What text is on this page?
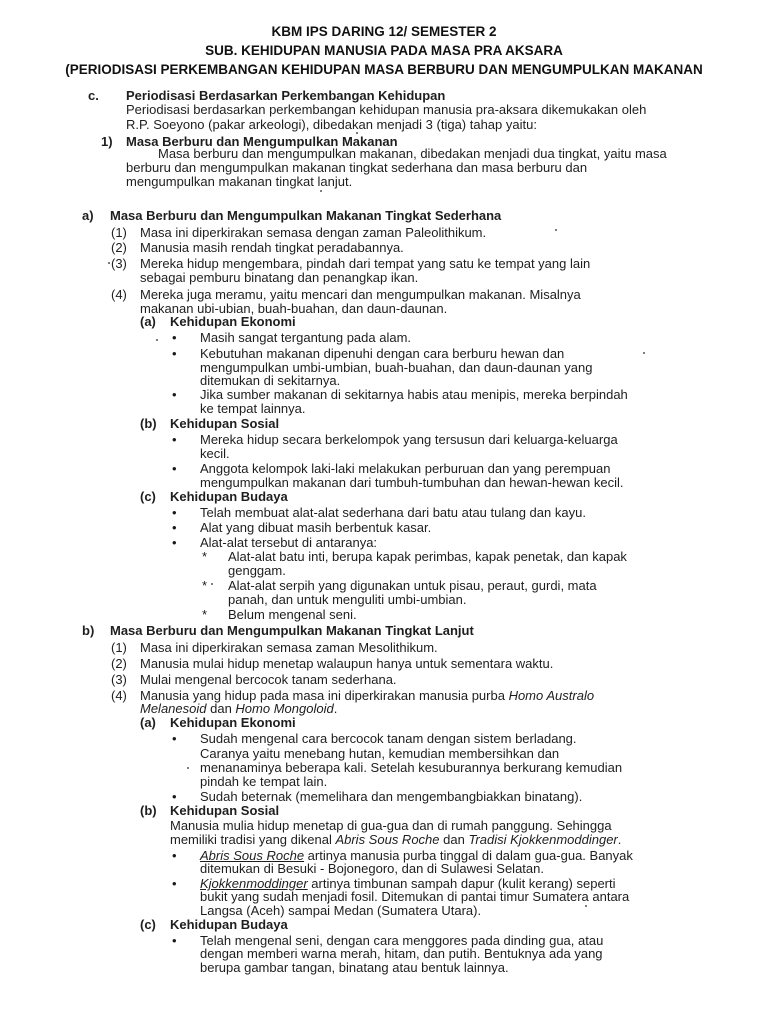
KBM IPS DARING 12/ SEMESTER 2
SUB. KEHIDUPAN MANUSIA PADA MASA PRA AKSARA
(PERIODISASI PERKEMBANGAN KEHIDUPAN MASA BERBURU DAN MENGUMPULKAN MAKANAN
c. Periodisasi Berdasarkan Perkembangan Kehidupan
Periodisasi berdasarkan perkembangan kehidupan manusia pra-aksara dikemukakan oleh
R.P. Soeyono (pakar arkeologi), dibedakan menjadi 3 (tiga) tahap yaitu:
1) Masa Berburu dan Mengumpulkan Makanan
Masa berburu dan mengumpulkan makanan, dibedakan menjadi dua tingkat, yaitu masa
berburu dan mengumpulkan makanan tingkat sederhana dan masa berburu dan
mengumpulkan makanan tingkat lanjut.
a) Masa Berburu dan Mengumpulkan Makanan Tingkat Sederhana
(1) Masa ini diperkirakan semasa dengan zaman Paleolithikum.
(2) Manusia masih rendah tingkat peradabannya.
(3) Mereka hidup mengembara, pindah dari tempat yang satu ke tempat yang lain
sebagai pemburu binatang dan penangkap ikan.
(4) Mereka juga meramu, yaitu mencari dan mengumpulkan makanan. Misalnya
makanan ubi-ubian, buah-buahan, dan daun-daunan.
(a) Kehidupan Ekonomi
• Masih sangat tergantung pada alam.
• Kebutuhan makanan dipenuhi dengan cara berburu hewan dan
mengumpulkan umbi-umbian, buah-buahan, dan daun-daunan yang
ditemukan di sekitarnya.
• Jika sumber makanan di sekitarnya habis atau menipis, mereka berpindah
ke tempat lainnya.
(b) Kehidupan Sosial
• Mereka hidup secara berkelompok yang tersusun dari keluarga-keluarga
kecil.
• Anggota kelompok laki-laki melakukan perburuan dan yang perempuan
mengumpulkan makanan dari tumbuh-tumbuhan dan hewan-hewan kecil.
(c) Kehidupan Budaya
• Telah membuat alat-alat sederhana dari batu atau tulang dan kayu.
• Alat yang dibuat masih berbentuk kasar.
• Alat-alat tersebut di antaranya:
* Alat-alat batu inti, berupa kapak perimbas, kapak penetak, dan kapak
genggam.
* Alat-alat serpih yang digunakan untuk pisau, peraut, gurdi, mata
panah, dan untuk menguliti umbi-umbian.
* Belum mengenal seni.
b) Masa Berburu dan Mengumpulkan Makanan Tingkat Lanjut
(1) Masa ini diperkirakan semasa zaman Mesolithikum.
(2) Manusia mulai hidup menetap walaupun hanya untuk sementara waktu.
(3) Mulai mengenal bercocok tanam sederhana.
(4) Manusia yang hidup pada masa ini diperkirakan manusia purba Homo Australo
Melanesoid dan Homo Mongoloid.
(a) Kehidupan Ekonomi
• Sudah mengenal cara bercocok tanam dengan sistem berladang.
Caranya yaitu menebang hutan, kemudian membersihkan dan
menanaminya beberapa kali. Setelah kesuburannya berkurang kemudian
pindah ke tempat lain.
• Sudah beternak (memelihara dan mengembangbiakkan binatang).
(b) Kehidupan Sosial
Manusia mulia hidup menetap di gua-gua dan di rumah panggung. Sehingga
memiliki tradisi yang dikenal Abris Sous Roche dan Tradisi Kjokkenmoddinger.
• Abris Sous Roche artinya manusia purba tinggal di dalam gua-gua. Banyak
ditemukan di Besuki - Bojonegoro, dan di Sulawesi Selatan.
• Kjokkenmoddinger artinya timbunan sampah dapur (kulit kerang) seperti
bukit yang sudah menjadi fosil. Ditemukan di pantai timur Sumatera antara
Langsa (Aceh) sampai Medan (Sumatera Utara).
(c) Kehidupan Budaya
• Telah mengenal seni, dengan cara menggores pada dinding gua, atau
dengan memberi warna merah, hitam, dan putih. Bentuknya ada yang
berupa gambar tangan, binatang atau bentuk lainnya.
